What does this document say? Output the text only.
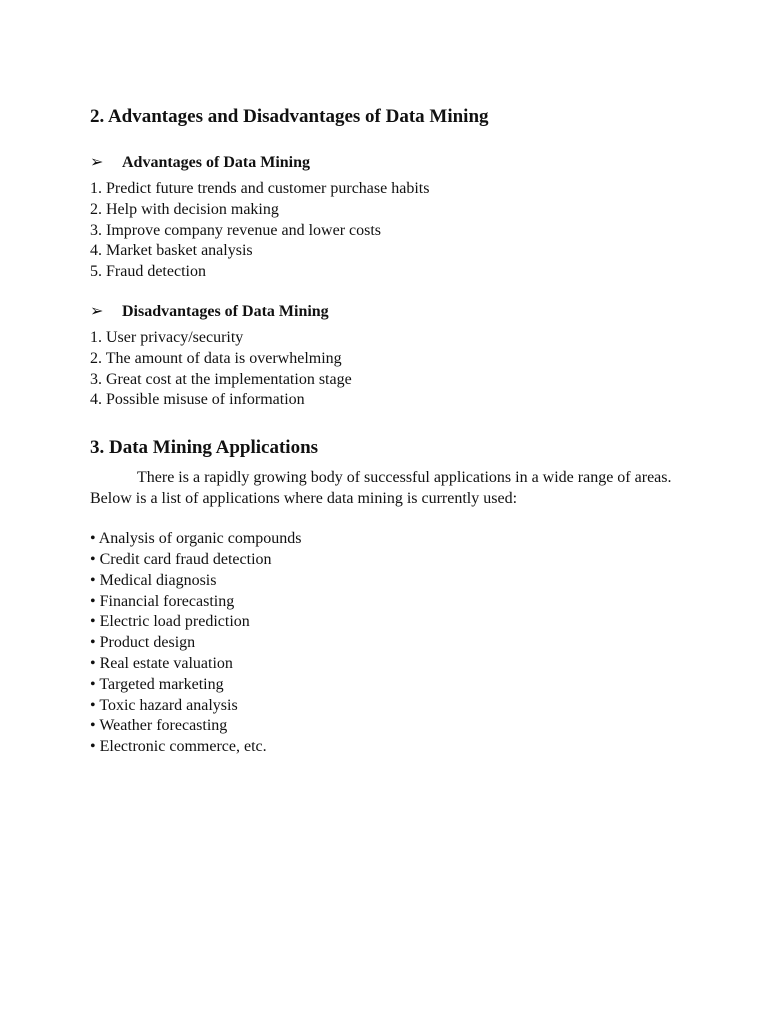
2. Advantages and Disadvantages of Data Mining
➢	Advantages of Data Mining
1. Predict future trends and customer purchase habits
2. Help with decision making
3. Improve company revenue and lower costs
4. Market basket analysis
5. Fraud detection
➢	Disadvantages of Data Mining
1. User privacy/security
2. The amount of data is overwhelming
3. Great cost at the implementation stage
4. Possible misuse of information
3. Data Mining Applications

There is a rapidly growing body of successful applications in a wide range of areas. Below is a list of applications where data mining is currently used:

• Analysis of organic compounds
• Credit card fraud detection
• Medical diagnosis
• Financial forecasting
• Electric load prediction
• Product design
• Real estate valuation
• Targeted marketing
• Toxic hazard analysis
• Weather forecasting
• Electronic commerce, etc.
